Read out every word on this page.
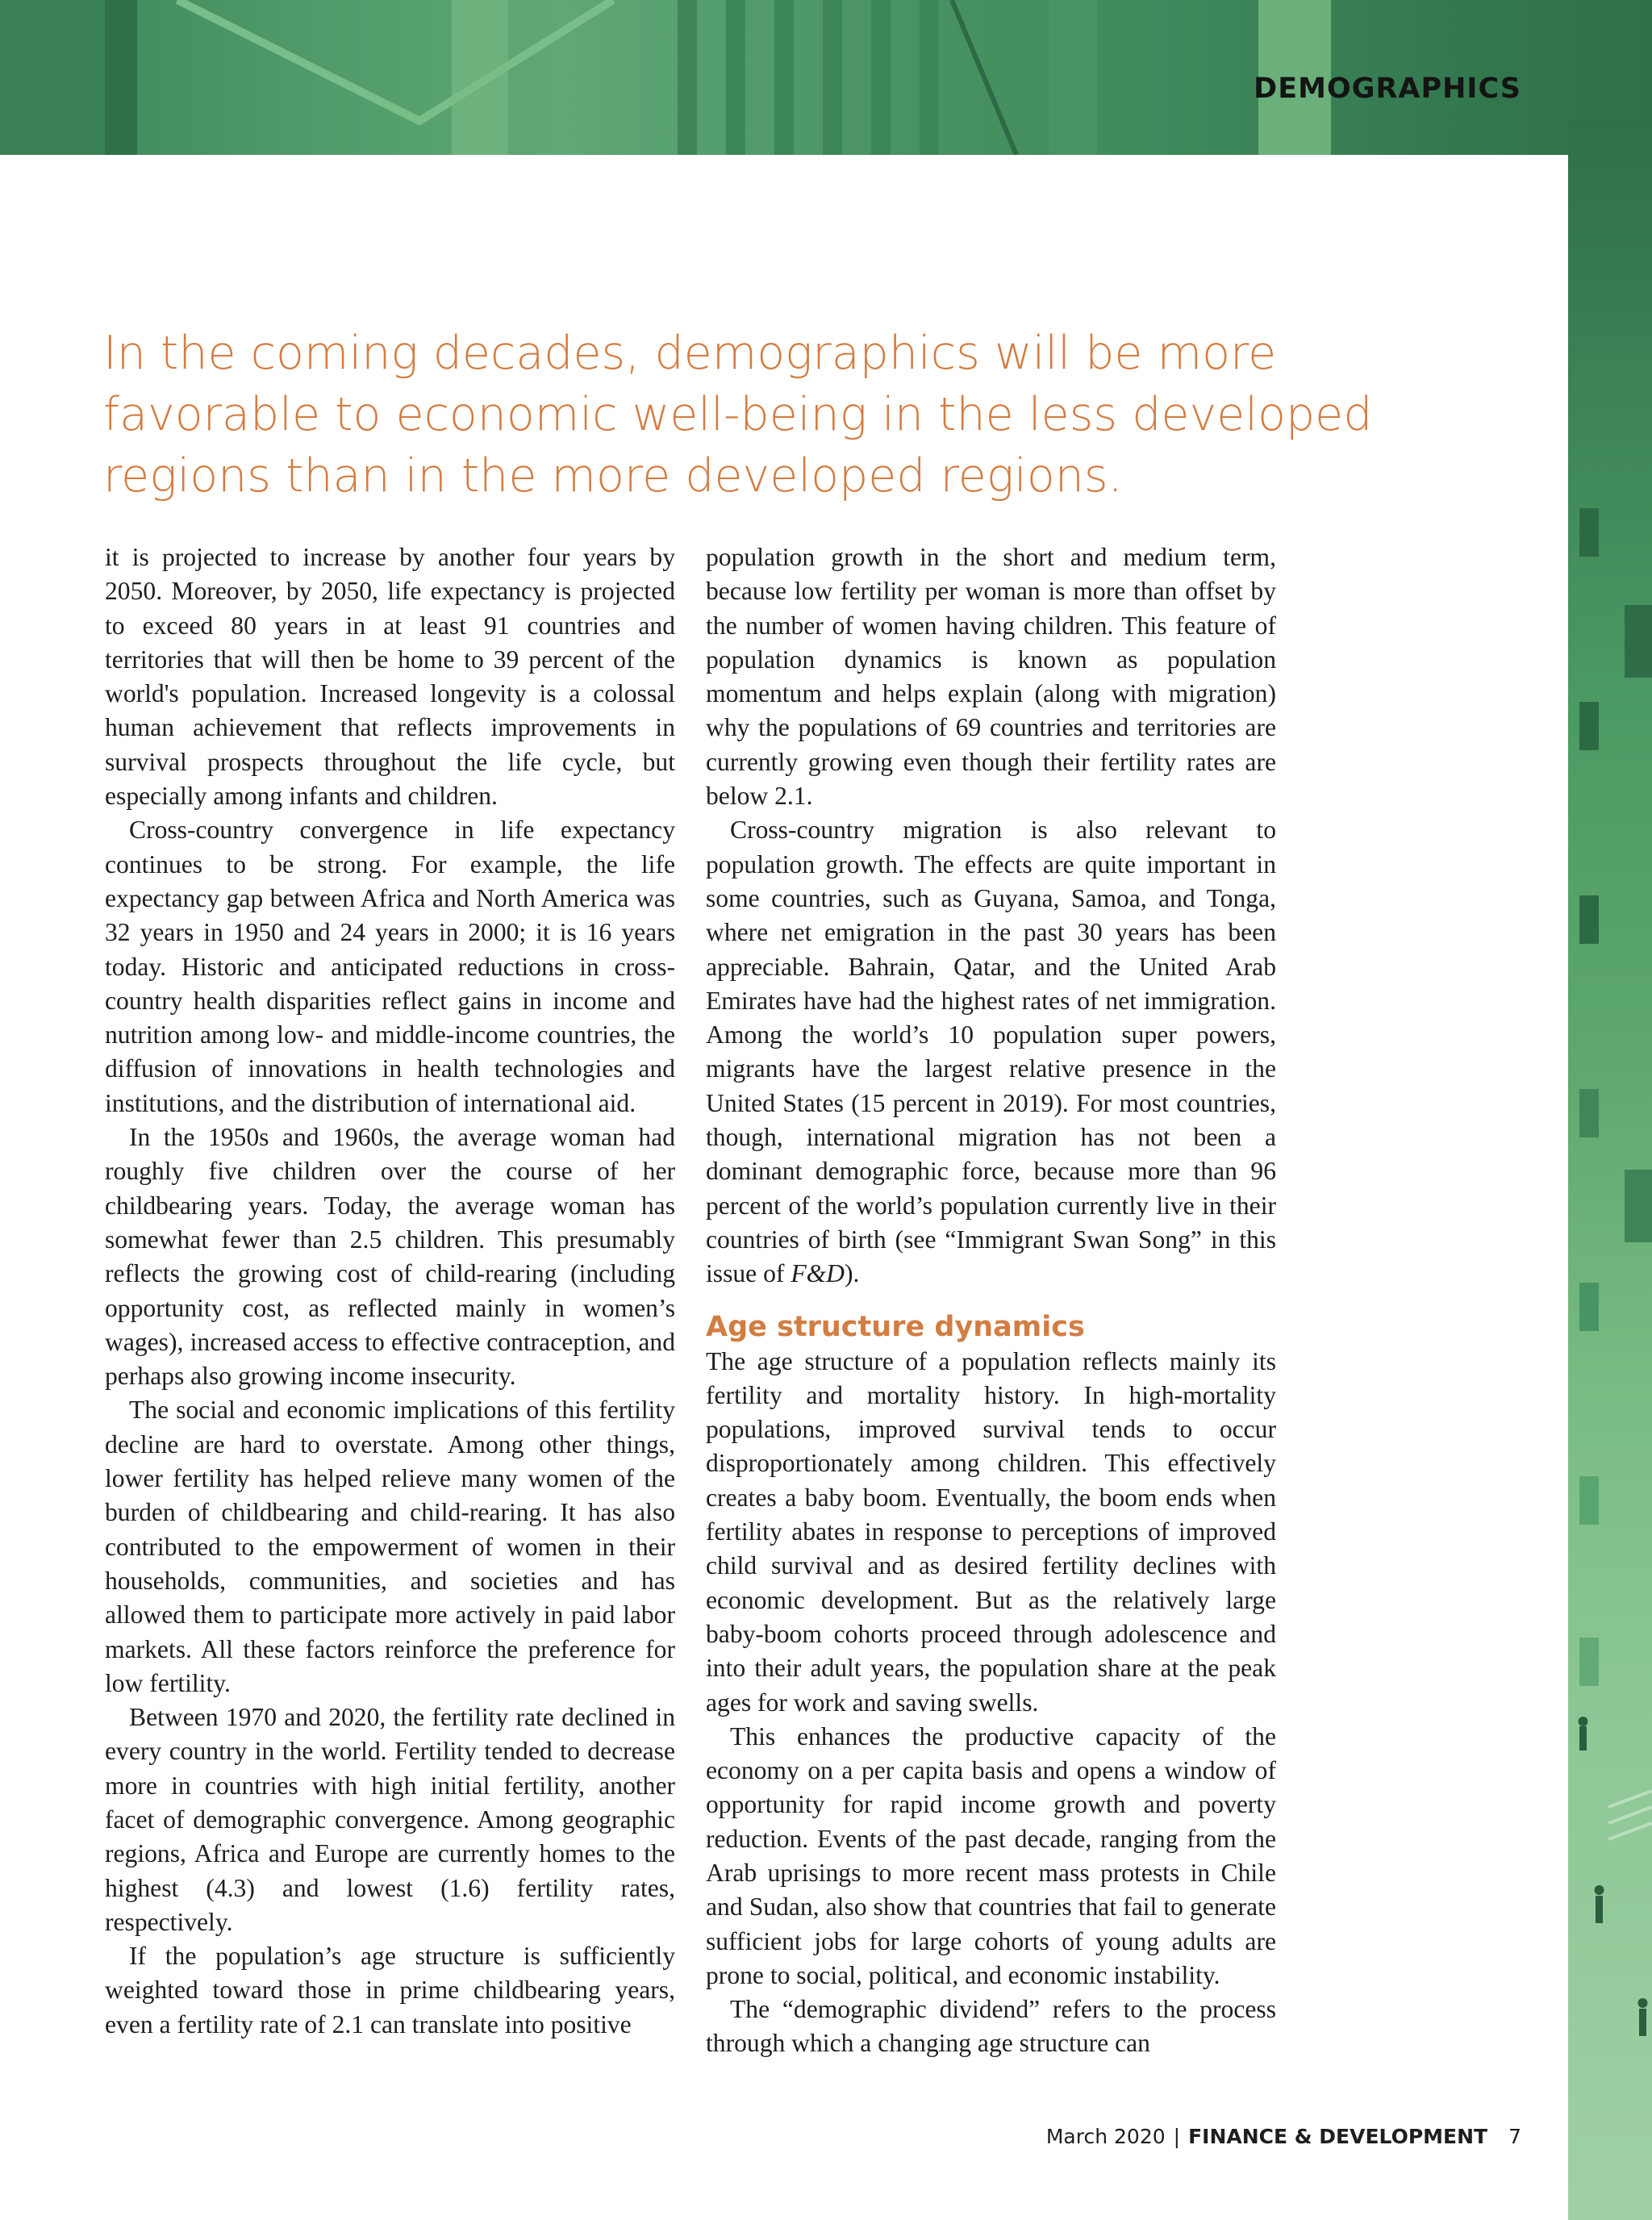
DEMOGRAPHICS

In the coming decades, demographics will be more favorable to economic well-being in the less developed regions than in the more developed regions.

it is projected to increase by another four years by 2050. Moreover, by 2050, life expectancy is projected to exceed 80 years in at least 91 countries and territories that will then be home to 39 percent of the world's population. Increased longevity is a colossal human achievement that reflects improvements in survival prospects throughout the life cycle, but especially among infants and children.

Cross-country convergence in life expectancy continues to be strong. For example, the life expectancy gap between Africa and North America was 32 years in 1950 and 24 years in 2000; it is 16 years today. Historic and anticipated reductions in cross-country health disparities reflect gains in income and nutrition among low- and middle-income countries, the diffusion of innovations in health technologies and institutions, and the distribution of international aid.

In the 1950s and 1960s, the average woman had roughly five children over the course of her childbearing years. Today, the average woman has somewhat fewer than 2.5 children. This presumably reflects the growing cost of child-rearing (including opportunity cost, as reflected mainly in women’s wages), increased access to effective contraception, and perhaps also growing income insecurity.

The social and economic implications of this fertility decline are hard to overstate. Among other things, lower fertility has helped relieve many women of the burden of childbearing and child-rearing. It has also contributed to the empowerment of women in their households, communities, and societies and has allowed them to participate more actively in paid labor markets. All these factors reinforce the preference for low fertility.

Between 1970 and 2020, the fertility rate declined in every country in the world. Fertility tended to decrease more in countries with high initial fertility, another facet of demographic convergence. Among geographic regions, Africa and Europe are currently homes to the highest (4.3) and lowest (1.6) fertility rates, respectively.

If the population’s age structure is sufficiently weighted toward those in prime childbearing years, even a fertility rate of 2.1 can translate into positive

population growth in the short and medium term, because low fertility per woman is more than offset by the number of women having children. This feature of population dynamics is known as population momentum and helps explain (along with migration) why the populations of 69 countries and territories are currently growing even though their fertility rates are below 2.1.

Cross-country migration is also relevant to population growth. The effects are quite important in some countries, such as Guyana, Samoa, and Tonga, where net emigration in the past 30 years has been appreciable. Bahrain, Qatar, and the United Arab Emirates have had the highest rates of net immigration. Among the world’s 10 population super powers, migrants have the largest relative presence in the United States (15 percent in 2019). For most countries, though, international migration has not been a dominant demographic force, because more than 96 percent of the world’s population currently live in their countries of birth (see “Immigrant Swan Song” in this issue of F&D).

Age structure dynamics

The age structure of a population reflects mainly its fertility and mortality history. In high-mortality populations, improved survival tends to occur disproportionately among children. This effectively creates a baby boom. Eventually, the boom ends when fertility abates in response to perceptions of improved child survival and as desired fertility declines with economic development. But as the relatively large baby-boom cohorts proceed through adolescence and into their adult years, the population share at the peak ages for work and saving swells.

This enhances the productive capacity of the economy on a per capita basis and opens a window of opportunity for rapid income growth and poverty reduction. Events of the past decade, ranging from the Arab uprisings to more recent mass protests in Chile and Sudan, also show that countries that fail to generate sufficient jobs for large cohorts of young adults are prone to social, political, and economic instability.

The “demographic dividend” refers to the process through which a changing age structure can

March 2020 | FINANCE & DEVELOPMENT 7
